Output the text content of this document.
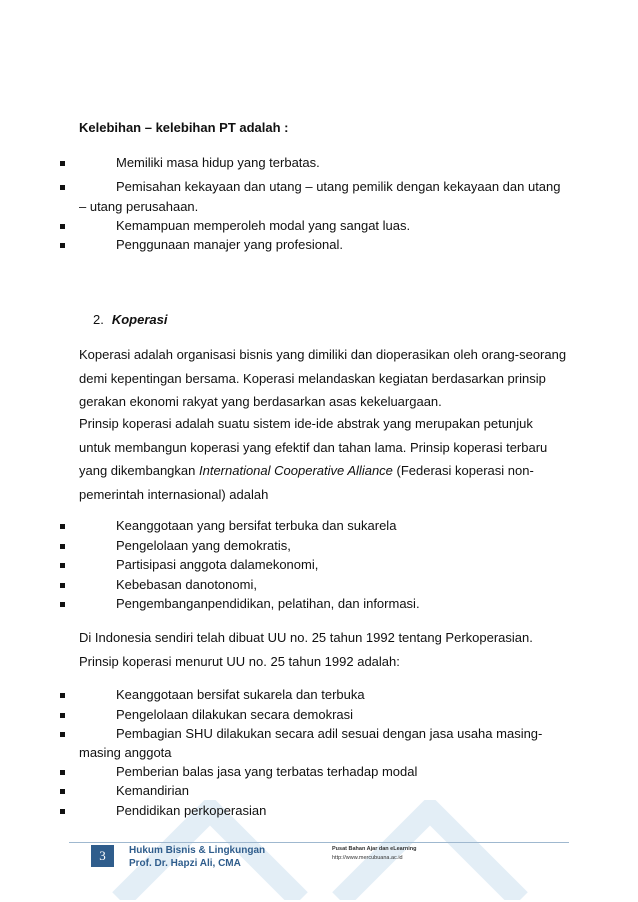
Kelebihan – kelebihan PT adalah :
Memiliki masa hidup yang terbatas.
Pemisahan kekayaan dan utang – utang pemilik dengan kekayaan dan utang
– utang perusahaan.
Kemampuan memperoleh modal yang sangat luas.
Penggunaan manajer yang profesional.
2. Koperasi
Koperasi adalah organisasi bisnis yang dimiliki dan dioperasikan oleh orang-seorang
demi kepentingan bersama. Koperasi melandaskan kegiatan berdasarkan prinsip
gerakan ekonomi rakyat yang berdasarkan asas kekeluargaan.
Prinsip koperasi adalah suatu sistem ide-ide abstrak yang merupakan petunjuk
untuk membangun koperasi yang efektif dan tahan lama. Prinsip koperasi terbaru
yang dikembangkan International Cooperative Alliance (Federasi koperasi non-
pemerintah internasional) adalah
Keanggotaan yang bersifat terbuka dan sukarela
Pengelolaan yang demokratis,
Partisipasi anggota dalamekonomi,
Kebebasan danotonomi,
Pengembanganpendidikan, pelatihan, dan informasi.
Di Indonesia sendiri telah dibuat UU no. 25 tahun 1992 tentang Perkoperasian.
Prinsip koperasi menurut UU no. 25 tahun 1992 adalah:
Keanggotaan bersifat sukarela dan terbuka
Pengelolaan dilakukan secara demokrasi
Pembagian SHU dilakukan secara adil sesuai dengan jasa usaha masing-
masing anggota
Pemberian balas jasa yang terbatas terhadap modal
Kemandirian
Pendidikan perkoperasian
3	Hukum Bisnis & Lingkungan
Prof. Dr. Hapzi Ali, CMA
Pusat Bahan Ajar dan eLearning
http://www.mercubuana.ac.id
